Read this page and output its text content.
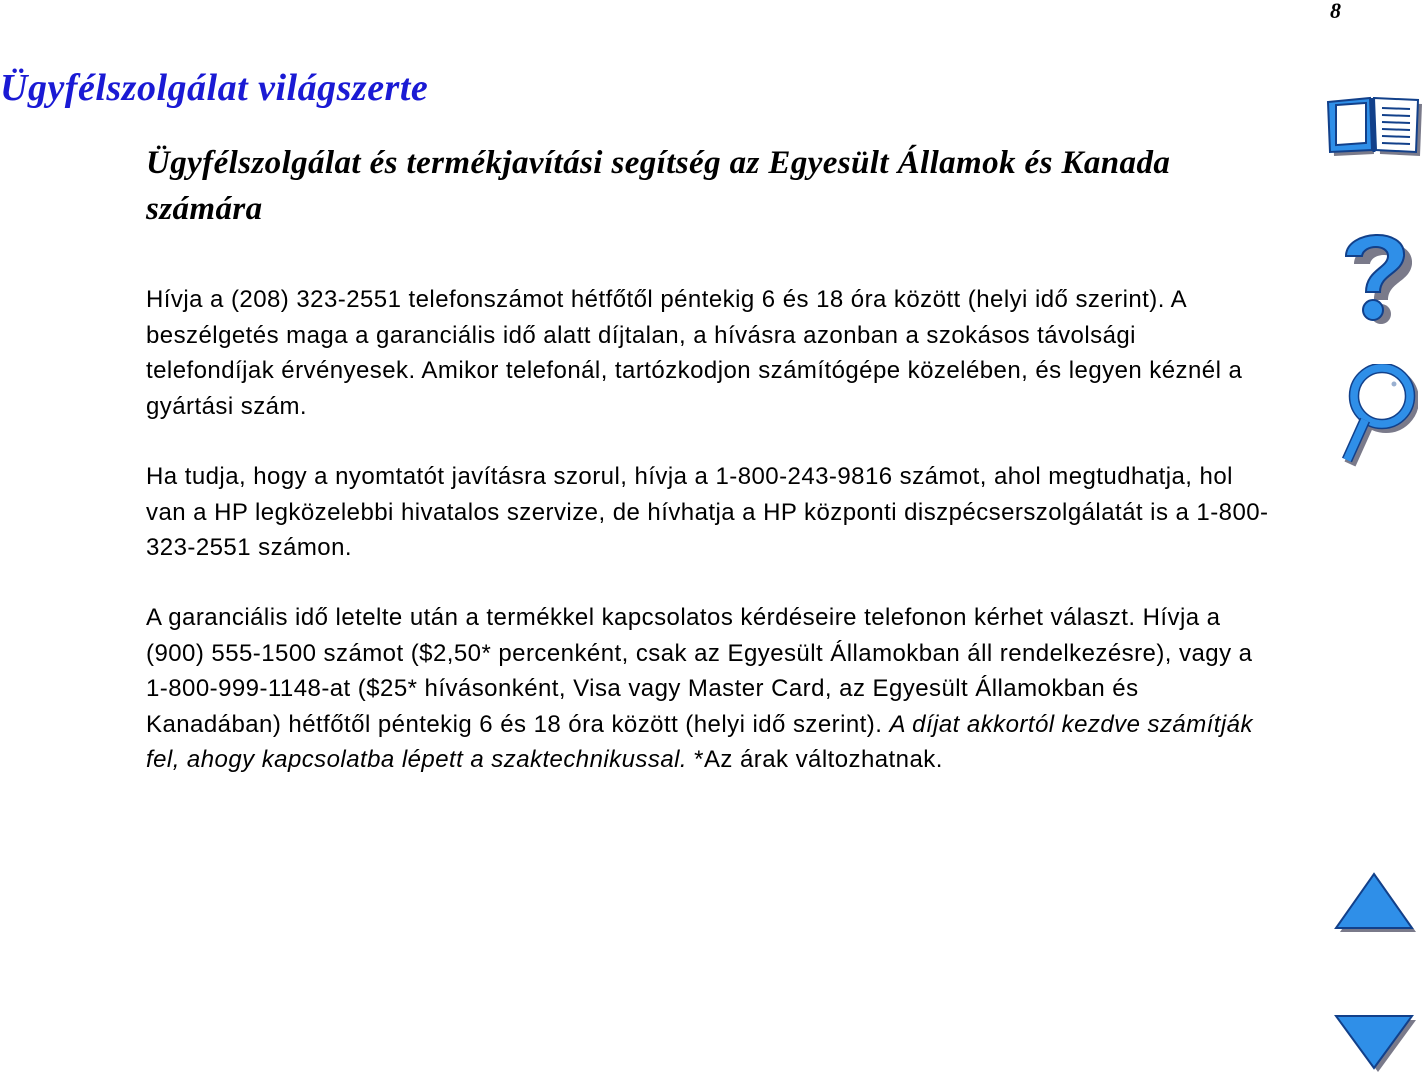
8
Ügyfélszolgálat világszerte
Ügyfélszolgálat és termékjavítási segítség az Egyesült Államok és Kanada számára

Hívja a (208) 323-2551 telefonszámot hétfőtől péntekig 6 és 18 óra között (helyi idő szerint). A beszélgetés maga a garanciális idő alatt díjtalan, a hívásra azonban a szokásos távolsági telefondíjak érvényesek. Amikor telefonál, tartózkodjon számítógépe közelében, és legyen kéznél a gyártási szám.

Ha tudja, hogy a nyomtatót javításra szorul, hívja a 1-800-243-9816 számot, ahol megtudhatja, hol van a HP legközelebbi hivatalos szervize, de hívhatja a HP központi diszpécserszolgálatát is a 1-800-323-2551 számon.

A garanciális idő letelte után a termékkel kapcsolatos kérdéseire telefonon kérhet választ. Hívja a (900) 555-1500 számot ($2,50* percenként, csak az Egyesült Államokban áll rendelkezésre), vagy a 1-800-999-1148-at ($25* hívásonként, Visa vagy Master Card, az Egyesült Államokban és Kanadában) hétfőtől péntekig 6 és 18 óra között (helyi idő szerint). A díjat akkortól kezdve számítják fel, ahogy kapcsolatba lépett a szaktechnikussal. *Az árak változhatnak.
